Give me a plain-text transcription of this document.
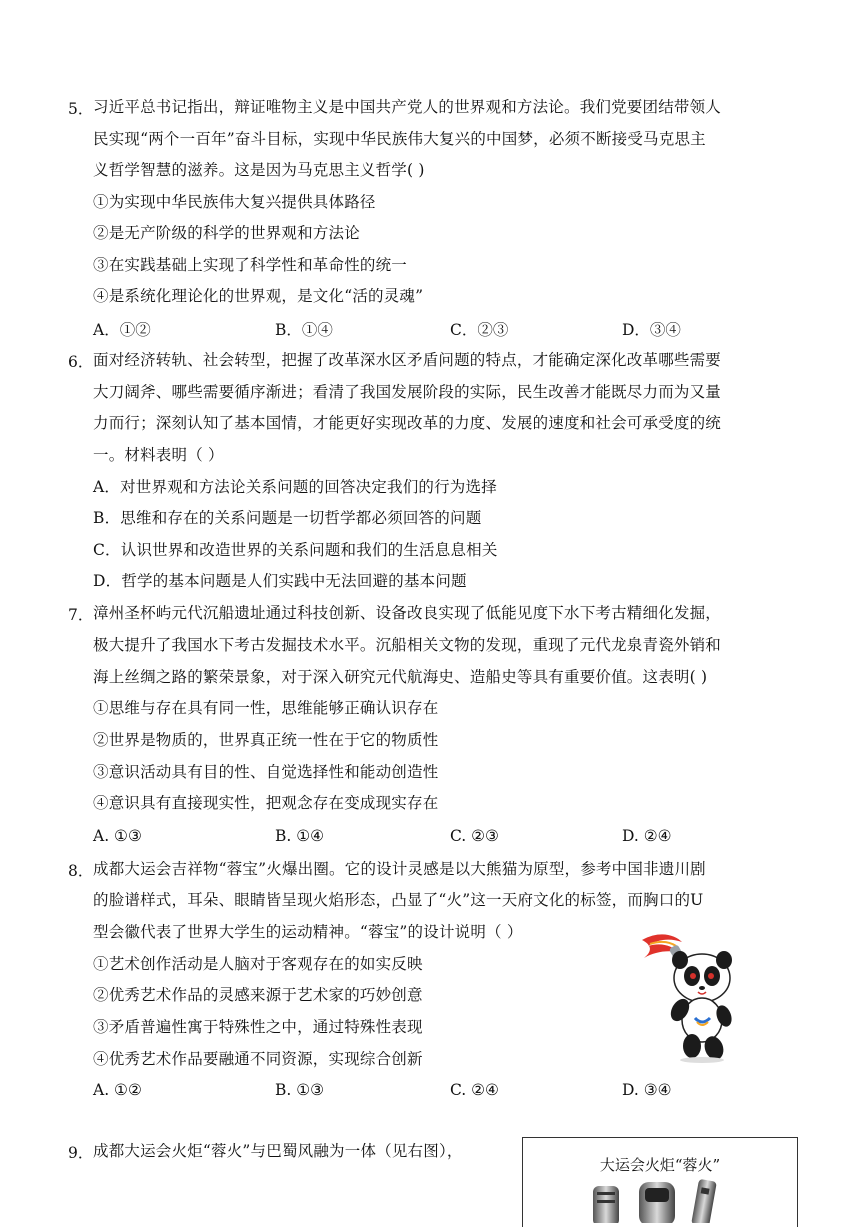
5． 习近平总书记指出，辩证唯物主义是中国共产党人的世界观和方法论。我们党要团结带领人
民实现“两个一百年”奋斗目标，实现中华民族伟大复兴的中国梦，必须不断接受马克思主
义哲学智慧的滋养。这是因为马克思主义哲学( )
①为实现中华民族伟大复兴提供具体路径
②是无产阶级的科学的世界观和方法论
③在实践基础上实现了科学性和革命性的统一
④是系统化理论化的世界观，是文化“活的灵魂”
A．①②	B．①④	C．②③	D．③④
6． 面对经济转轨、社会转型，把握了改革深水区矛盾问题的特点，才能确定深化改革哪些需要
大刀阔斧、哪些需要循序渐进；看清了我国发展阶段的实际，民生改善才能既尽力而为又量
力而行；深刻认知了基本国情，才能更好实现改革的力度、发展的速度和社会可承受度的统
一。材料表明（ ）
A．对世界观和方法论关系问题的回答决定我们的行为选择
B．思维和存在的关系问题是一切哲学都必须回答的问题
C．认识世界和改造世界的关系问题和我们的生活息息相关
D．哲学的基本问题是人们实践中无法回避的基本问题
7． 漳州圣杯屿元代沉船遗址通过科技创新、设备改良实现了低能见度下水下考古精细化发掘，
极大提升了我国水下考古发掘技术水平。沉船相关文物的发现，重现了元代龙泉青瓷外销和
海上丝绸之路的繁荣景象，对于深入研究元代航海史、造船史等具有重要价值。这表明( )
①思维与存在具有同一性，思维能够正确认识存在
②世界是物质的，世界真正统一性在于它的物质性
③意识活动具有目的性、自觉选择性和能动创造性
④意识具有直接现实性，把观念存在变成现实存在
A. ①③	B. ①④	C. ②③	D. ②④
8． 成都大运会吉祥物“蓉宝”火爆出圈。它的设计灵感是以大熊猫为原型，参考中国非遗川剧
的脸谱样式，耳朵、眼睛皆呈现火焰形态，凸显了“火”这一天府文化的标签，而胸口的U
型会徽代表了世界大学生的运动精神。“蓉宝”的设计说明（ ）
①艺术创作活动是人脑对于客观存在的如实反映
②优秀艺术作品的灵感来源于艺术家的巧妙创意
③矛盾普遍性寓于特殊性之中，通过特殊性表现
④优秀艺术作品要融通不同资源，实现综合创新
A. ①②	B. ①③	C. ②④	D. ③④
9． 成都大运会火炬“蓉火”与巴蜀风融为一体（见右图），
大运会火炬“蓉火”
